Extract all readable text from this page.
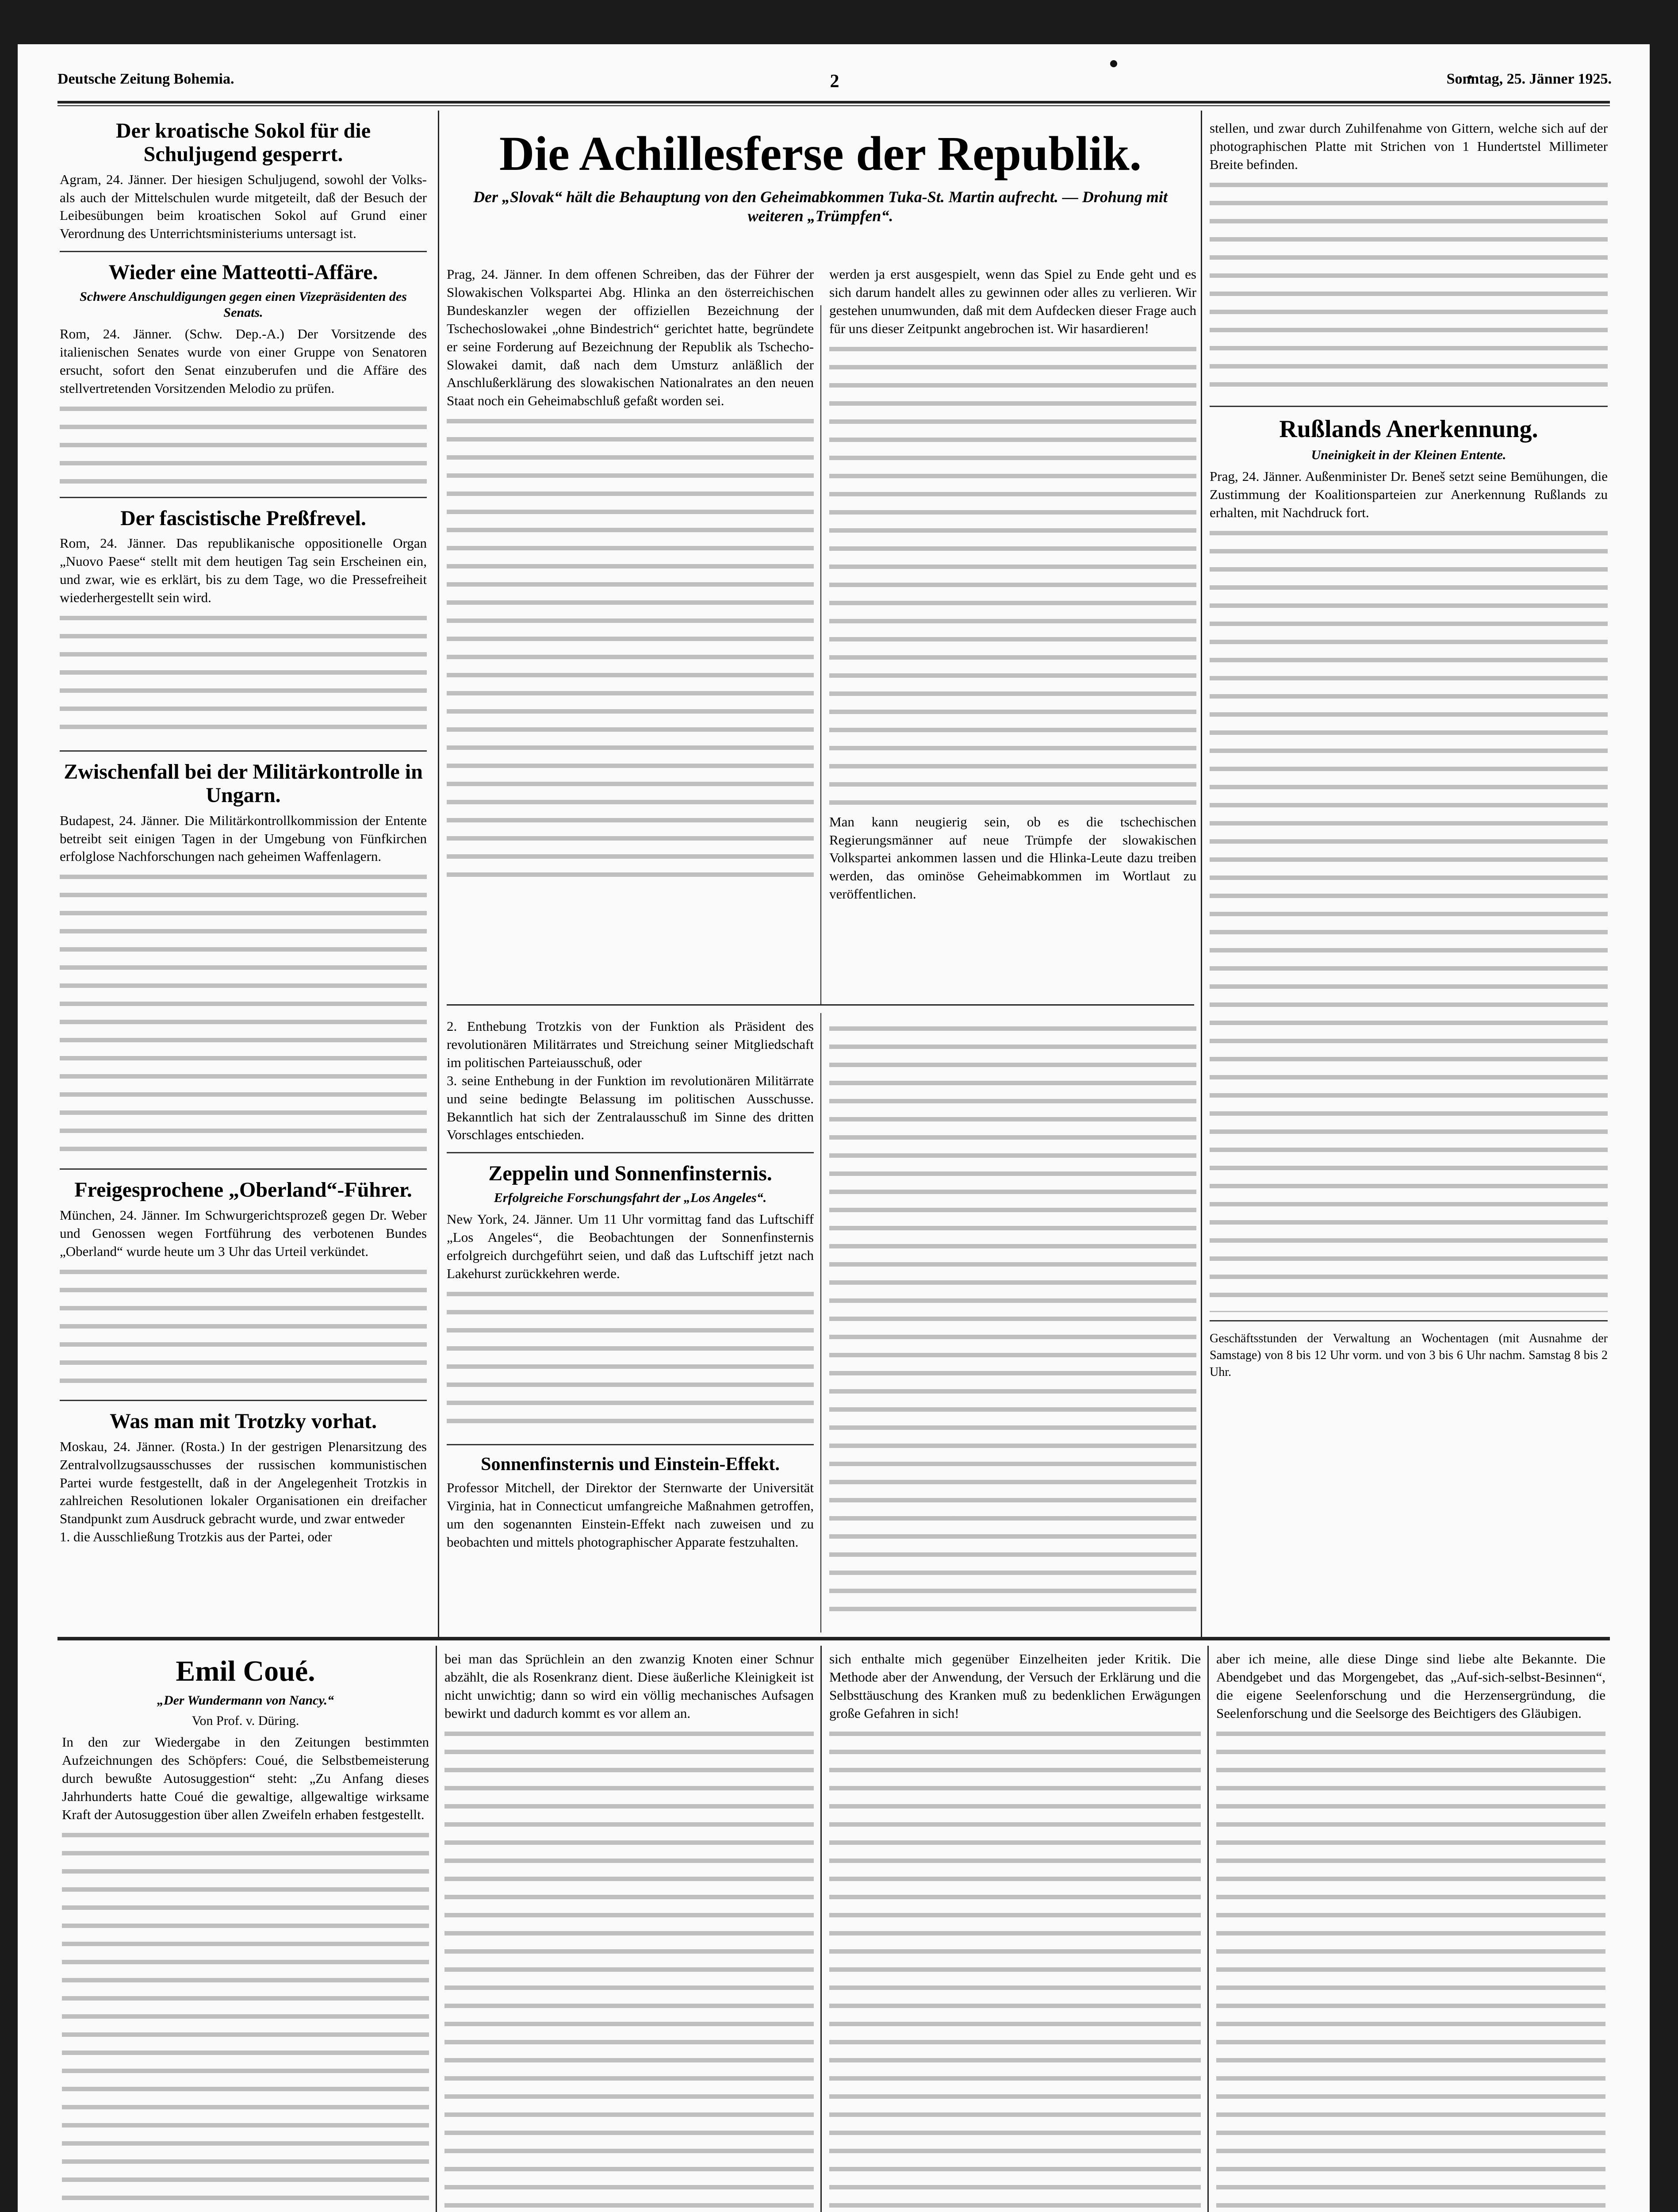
Deutsche Zeitung Bohemia.	2	Sonntag, 25. Jänner 1925.
Der kroatische Sokol für die Schuljugend gesperrt.

Agram, 24. Jänner. Der hiesigen Schuljugend, sowohl der Volks- als auch der Mittelschulen wurde mitgeteilt, daß der Besuch der Leibesübungen beim kroatischen Sokol auf Grund einer Verordnung des Unterrichtsministeriums untersagt ist.

Wieder eine Matteotti-Affäre.
Schwere Anschuldigungen gegen einen Vizepräsidenten des Senats.

Rom, 24. Jänner. (Schw. Dep.-A.) Der Vorsitzende des italienischen Senates wurde von einer Gruppe von Senatoren ersucht, sofort den Senat einzuberufen und die Affäre des stellvertretenden Vorsitzenden Melodio zu prüfen.

Der fascistische Preßfrevel.

Rom, 24. Jänner. Das republikanische oppositionelle Organ „Nuovo Paese“ stellt mit dem heutigen Tag sein Erscheinen ein, und zwar, wie es erklärt, bis zu dem Tage, wo die Pressefreiheit wiederhergestellt sein wird.

Zwischenfall bei der Militärkontrolle in Ungarn.

Budapest, 24. Jänner. Die Militärkontrollkommission der Entente betreibt seit einigen Tagen in der Umgebung von Fünfkirchen erfolglose Nachforschungen nach geheimen Waffenlagern.

Freigesprochene „Oberland“-Führer.

München, 24. Jänner. Im Schwurgerichtsprozeß gegen Dr. Weber und Genossen wegen Fortführung des verbotenen Bundes „Oberland“ wurde heute um 3 Uhr das Urteil verkündet.

Was man mit Trotzky vorhat.

Moskau, 24. Jänner. (Rosta.) In der gestrigen Plenarsitzung des Zentralvollzugsausschusses der russischen kommunistischen Partei wurde festgestellt, daß in der Angelegenheit Trotzkis in zahlreichen Resolutionen lokaler Organisationen ein dreifacher Standpunkt zum Ausdruck gebracht wurde, und zwar entweder

1. die Ausschließung Trotzkis aus der Partei, oder

Die Achillesferse der Republik.
Der „Slovak“ hält die Behauptung von den Geheimabkommen Tuka-St. Martin aufrecht. — Drohung mit weiteren „Trümpfen“.

Prag, 24. Jänner. In dem offenen Schreiben, das der Führer der Slowakischen Volkspartei Abg. Hlinka an den österreichischen Bundeskanzler wegen der offiziellen Bezeichnung der Tschechoslowakei „ohne Bindestrich“ gerichtet hatte, begründete er seine Forderung auf Bezeichnung der Republik als Tschecho-Slowakei damit, daß nach dem Umsturz anläßlich der Anschlußerklärung des slowakischen Nationalrates an den neuen Staat noch ein Geheimabschluß gefaßt worden sei.

werden ja erst ausgespielt, wenn das Spiel zu Ende geht und es sich darum handelt alles zu gewinnen oder alles zu verlieren. Wir gestehen unumwunden, daß mit dem Aufdecken dieser Frage auch für uns dieser Zeitpunkt angebrochen ist. Wir hasardieren!

Man kann neugierig sein, ob es die tschechischen Regierungsmänner auf neue Trümpfe der slowakischen Volkspartei ankommen lassen und die Hlinka-Leute dazu treiben werden, das ominöse Geheimabkommen im Wortlaut zu veröffentlichen.

2. Enthebung Trotzkis von der Funktion als Präsident des revolutionären Militärrates und Streichung seiner Mitgliedschaft im politischen Parteiausschuß, oder

3. seine Enthebung in der Funktion im revolutionären Militärrate und seine bedingte Belassung im politischen Ausschusse. Bekanntlich hat sich der Zentralausschuß im Sinne des dritten Vorschlages entschieden.

Zeppelin und Sonnenfinsternis.
Erfolgreiche Forschungsfahrt der „Los Angeles“.

New York, 24. Jänner. Um 11 Uhr vormittag fand das Luftschiff „Los Angeles“, die Beobachtungen der Sonnenfinsternis erfolgreich durchgeführt seien, und daß das Luftschiff jetzt nach Lakehurst zurückkehren werde.

Sonnenfinsternis und Einstein-Effekt.

Professor Mitchell, der Direktor der Sternwarte der Universität Virginia, hat in Connecticut umfangreiche Maßnahmen getroffen, um den sogenannten Einstein-Effekt nach zuweisen und zu beobachten und mittels photographischer Apparate festzuhalten.

stellen, und zwar durch Zuhilfenahme von Gittern, welche sich auf der photographischen Platte mit Strichen von 1 Hundertstel Millimeter Breite befinden.

Rußlands Anerkennung.
Uneinigkeit in der Kleinen Entente.

Prag, 24. Jänner. Außenminister Dr. Beneš setzt seine Bemühungen, die Zustimmung der Koalitionsparteien zur Anerkennung Rußlands zu erhalten, mit Nachdruck fort.

Geschäftsstunden der Verwaltung an Wochentagen (mit Ausnahme der Samstage) von 8 bis 12 Uhr vorm. und von 3 bis 6 Uhr nachm. Samstag 8 bis 2 Uhr.

Emil Coué.
„Der Wundermann von Nancy.“
Von Prof. v. Düring.

In den zur Wiedergabe in den Zeitungen bestimmten Aufzeichnungen des Schöpfers: Coué, die Selbstbemeisterung durch bewußte Autosuggestion“ steht: „Zu Anfang dieses Jahrhunderts hatte Coué die gewaltige, allgewaltige wirksame Kraft der Autosuggestion über allen Zweifeln erhaben festgestellt.

bei man das Sprüchlein an den zwanzig Knoten einer Schnur abzählt, die als Rosenkranz dient. Diese äußerliche Kleinigkeit ist nicht unwichtig; dann so wird ein völlig mechanisches Aufsagen bewirkt und dadurch kommt es vor allem an.

sich enthalte mich gegenüber Einzelheiten jeder Kritik. Die Methode aber der Anwendung, der Versuch der Erklärung und die Selbsttäuschung des Kranken muß zu bedenklichen Erwägungen große Gefahren in sich!

aber ich meine, alle diese Dinge sind liebe alte Bekannte. Die Abendgebet und das Morgengebet, das „Auf-sich-selbst-Besinnen“, die eigene Seelenforschung und die Herzensergründung, die Seelenforschung und die Seelsorge des Beichtigers des Gläubigen.
